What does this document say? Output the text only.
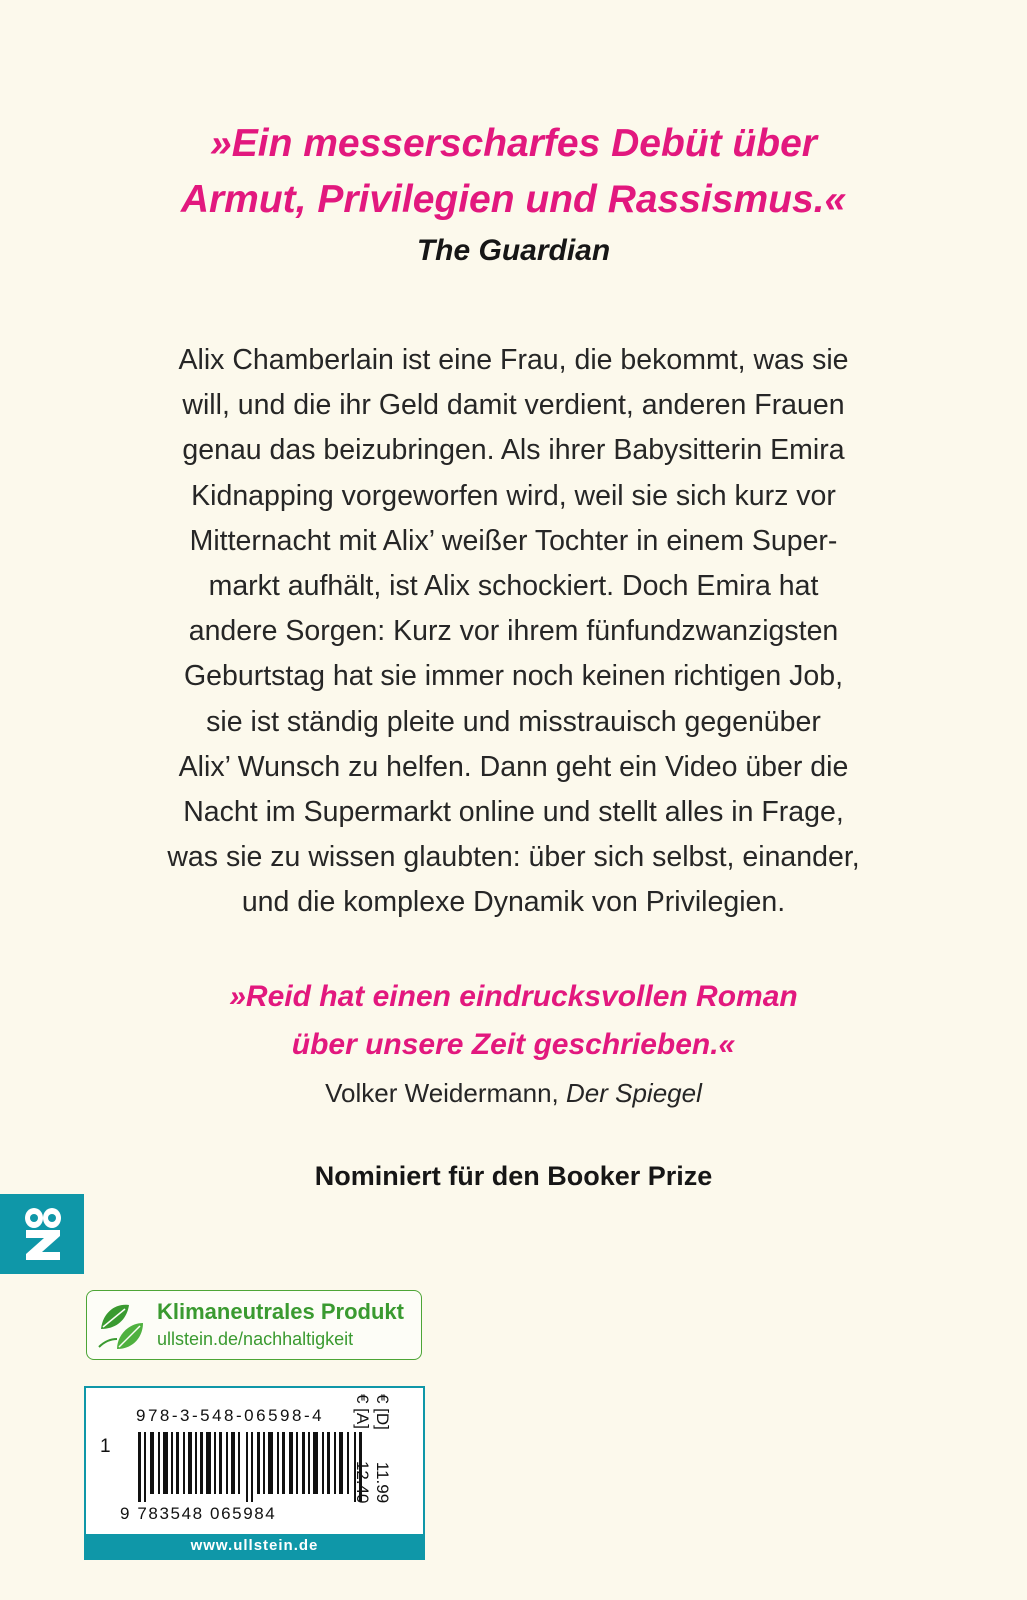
»Ein messerscharfes Debüt über
Armut, Privilegien und Rassismus.«
The Guardian
Alix Chamberlain ist eine Frau, die bekommt, was sie
will, und die ihr Geld damit verdient, anderen Frauen
genau das beizubringen. Als ihrer Babysitterin Emira
Kidnapping vorgeworfen wird, weil sie sich kurz vor
Mitternacht mit Alix’ weißer Tochter in einem Super-
markt aufhält, ist Alix schockiert. Doch Emira hat
andere Sorgen: Kurz vor ihrem fünfundzwanzigsten
Geburtstag hat sie immer noch keinen richtigen Job,
sie ist ständig pleite und misstrauisch gegenüber
Alix’ Wunsch zu helfen. Dann geht ein Video über die
Nacht im Supermarkt online und stellt alles in Frage,
was sie zu wissen glaubten: über sich selbst, einander,
und die komplexe Dynamik von Privilegien.
»Reid hat einen eindrucksvollen Roman
über unsere Zeit geschrieben.«
Volker Weidermann, Der Spiegel
Nominiert für den Booker Prize
Klimaneutrales Produkt
ullstein.de/nachhaltigkeit
978-3-548-06598-4
1
9 783548 065984
€ [D]11.99
€ [A]12.40
www.ullstein.de
